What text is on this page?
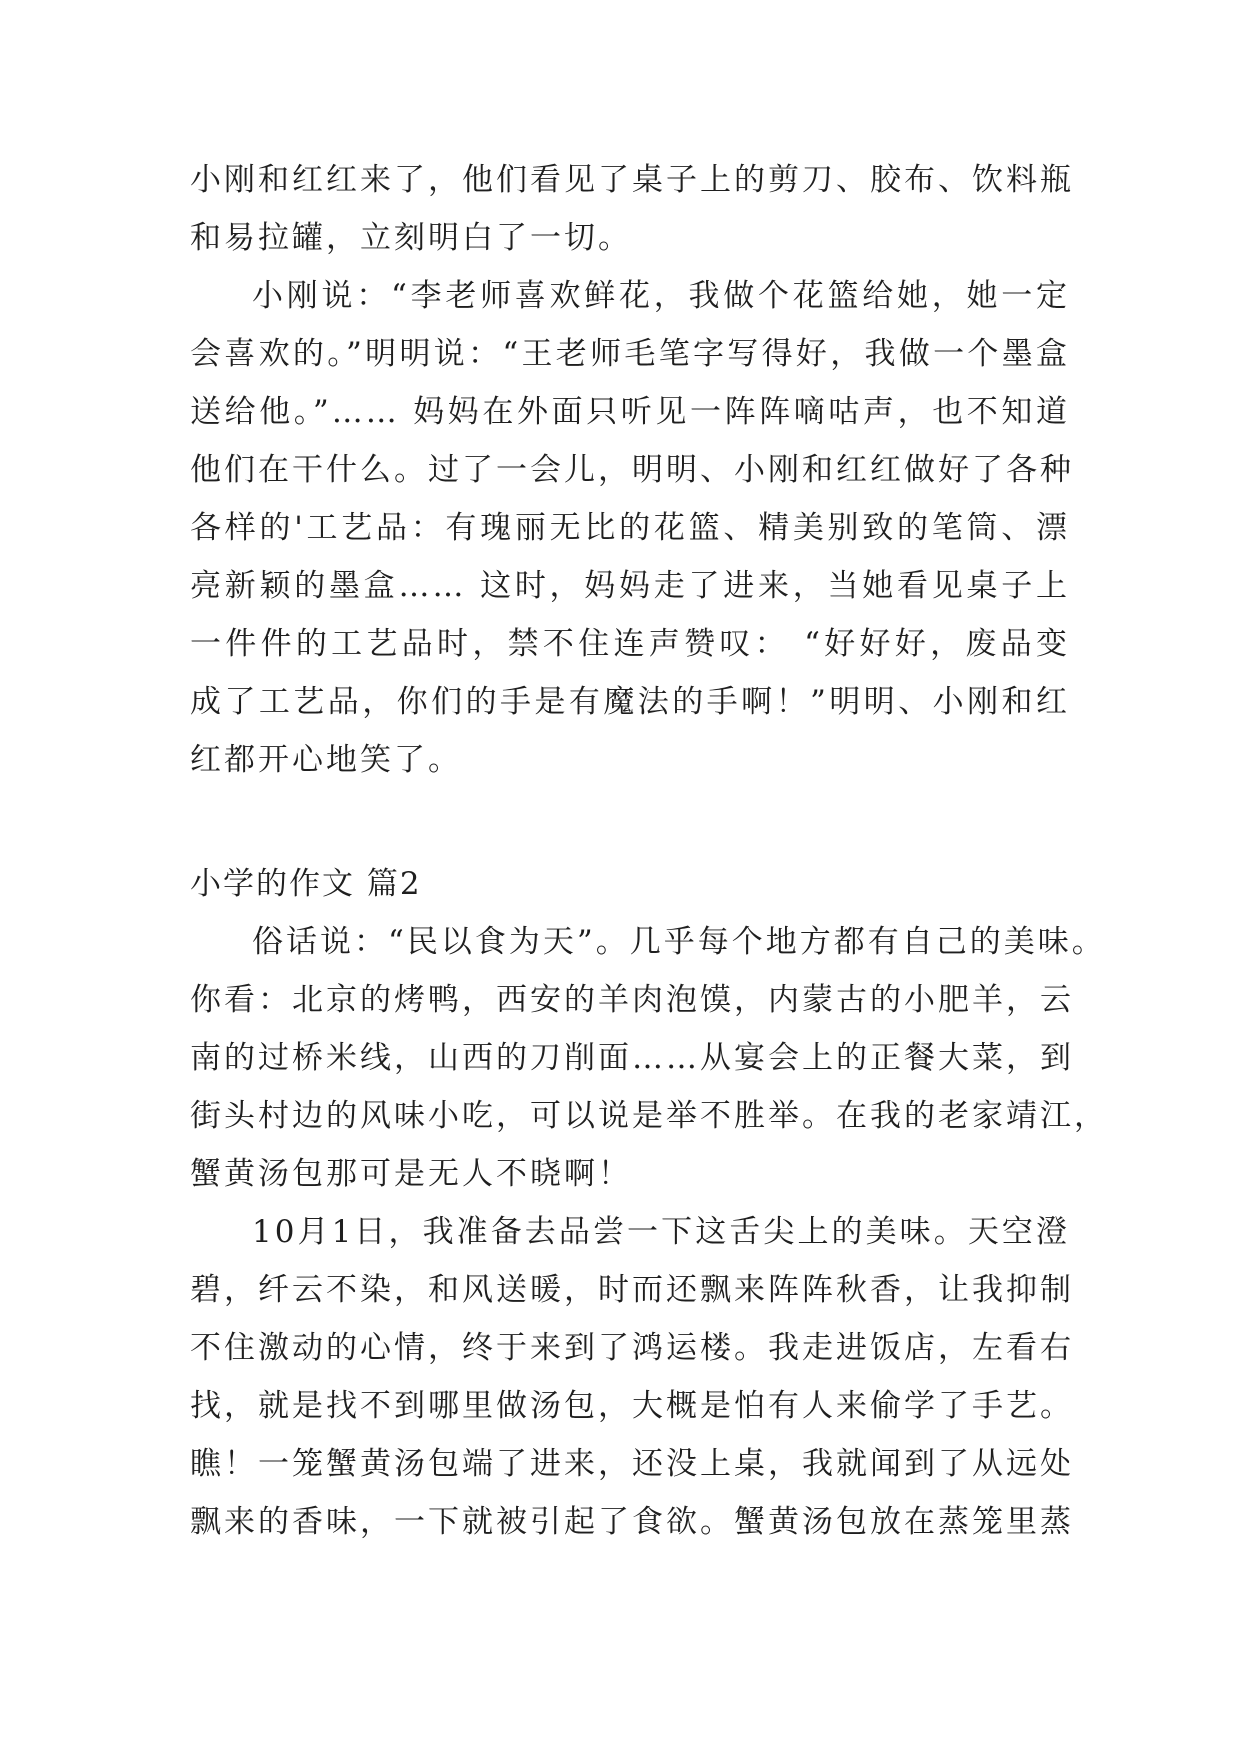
小刚和红红来了，他们看见了桌子上的剪刀、胶布、饮料瓶
和易拉罐，立刻明白了一切。
小刚说：“李老师喜欢鲜花，我做个花篮给她，她一定
会喜欢的。”明明说：“王老师毛笔字写得好，我做一个墨盒
送给他。”…… 妈妈在外面只听见一阵阵嘀咕声，也不知道
他们在干什么。过了一会儿，明明、小刚和红红做好了各种
各样的'工艺品：有瑰丽无比的花篮、精美别致的笔筒、漂
亮新颖的墨盒…… 这时，妈妈走了进来，当她看见桌子上
一件件的工艺品时，禁不住连声赞叹： “好好好，废品变
成了工艺品，你们的手是有魔法的手啊！”明明、小刚和红
红都开心地笑了。
小学的作文 篇2
俗话说：“民以食为天”。几乎每个地方都有自己的美味。
你看：北京的烤鸭，西安的羊肉泡馍，内蒙古的小肥羊，云
南的过桥米线，山西的刀削面……从宴会上的正餐大菜，到
街头村边的风味小吃，可以说是举不胜举。在我的老家靖江，
蟹黄汤包那可是无人不晓啊！
10月1日，我准备去品尝一下这舌尖上的美味。天空澄
碧，纤云不染，和风送暖，时而还飘来阵阵秋香，让我抑制
不住激动的心情，终于来到了鸿运楼。我走进饭店，左看右
找，就是找不到哪里做汤包，大概是怕有人来偷学了手艺。
瞧！一笼蟹黄汤包端了进来，还没上桌，我就闻到了从远处
飘来的香味，一下就被引起了食欲。蟹黄汤包放在蒸笼里蒸
